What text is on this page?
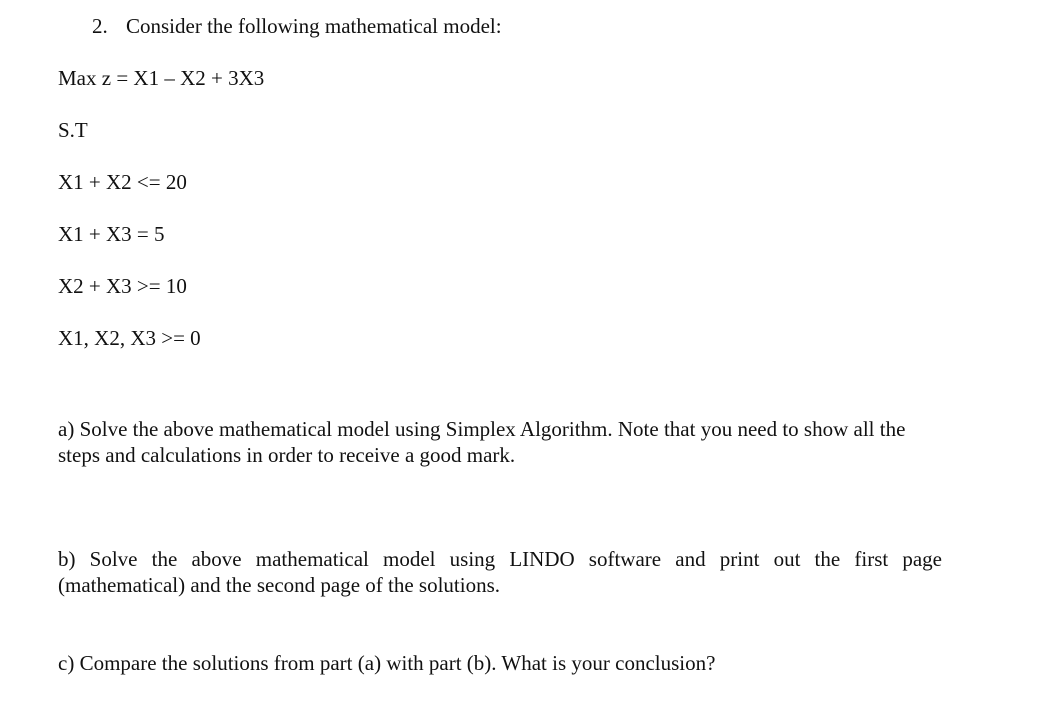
2. Consider the following mathematical model:
Max z = X1 – X2 + 3X3
S.T
X1 + X2 <= 20
X1 + X3 = 5
X2 + X3 >= 10
X1, X2, X3 >= 0
a) Solve the above mathematical model using Simplex Algorithm. Note that you need to show all the steps and calculations in order to receive a good mark.
b) Solve the above mathematical model using LINDO software and print out the first page (mathematical) and the second page of the solutions.
c) Compare the solutions from part (a) with part (b). What is your conclusion?
